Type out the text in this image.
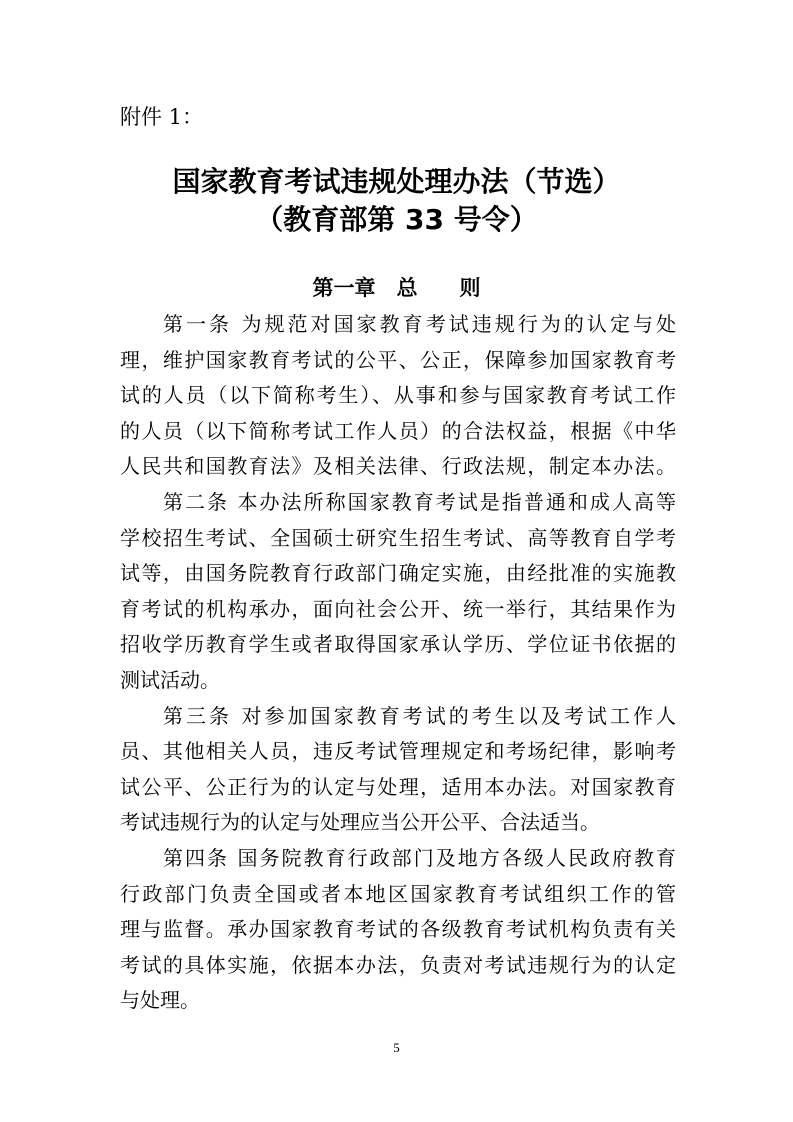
附件 1：
国家教育考试违规处理办法（节选）
（教育部第 33 号令）
第一章　总　　则
第一条 为规范对国家教育考试违规行为的认定与处
理，维护国家教育考试的公平、公正，保障参加国家教育考
试的人员（以下简称考生）、从事和参与国家教育考试工作
的人员（以下简称考试工作人员）的合法权益，根据《中华
人民共和国教育法》及相关法律、行政法规，制定本办法。
第二条 本办法所称国家教育考试是指普通和成人高等
学校招生考试、全国硕士研究生招生考试、高等教育自学考
试等，由国务院教育行政部门确定实施，由经批准的实施教
育考试的机构承办，面向社会公开、统一举行，其结果作为
招收学历教育学生或者取得国家承认学历、学位证书依据的
测试活动。
第三条 对参加国家教育考试的考生以及考试工作人
员、其他相关人员，违反考试管理规定和考场纪律，影响考
试公平、公正行为的认定与处理，适用本办法。对国家教育
考试违规行为的认定与处理应当公开公平、合法适当。
第四条 国务院教育行政部门及地方各级人民政府教育
行政部门负责全国或者本地区国家教育考试组织工作的管
理与监督。承办国家教育考试的各级教育考试机构负责有关
考试的具体实施，依据本办法，负责对考试违规行为的认定
与处理。
5
